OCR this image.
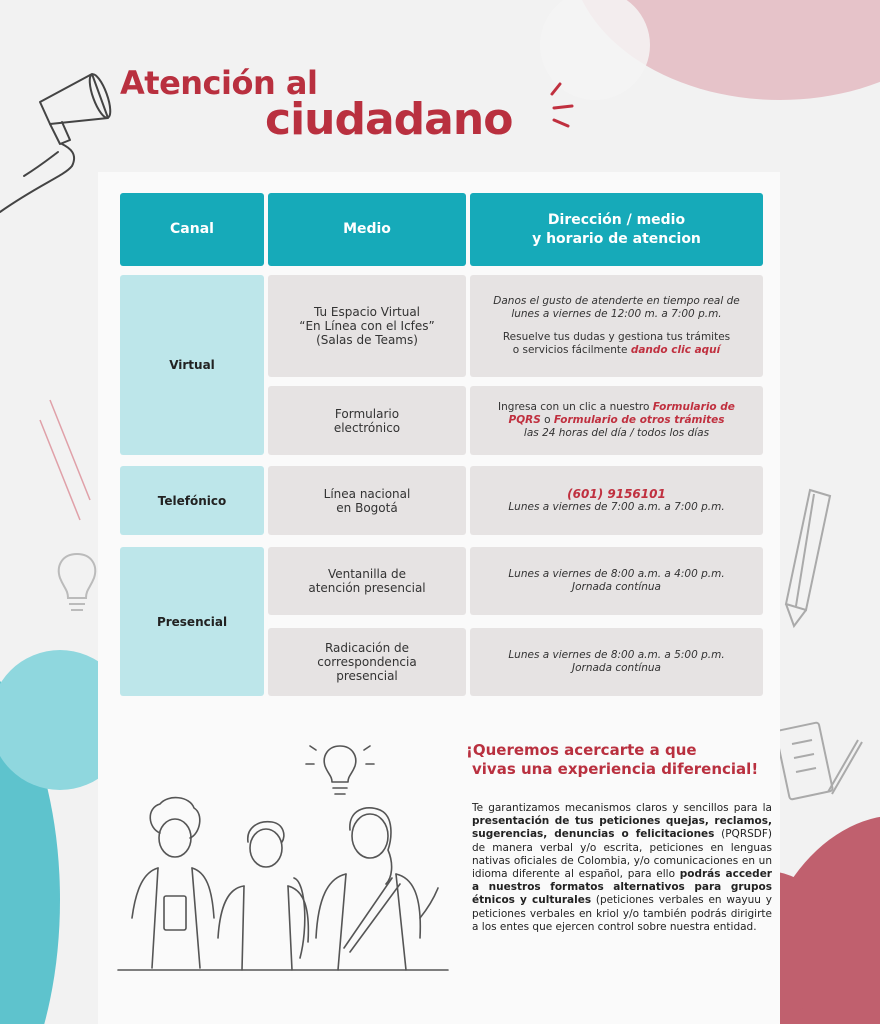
Atención al
ciudadano
Canal	Medio
Dirección / medio
y horario de atencion
Virtual
Tu Espacio Virtual
“En Línea con el Icfes”
(Salas de Teams)
Danos el gusto de atenderte en tiempo real de
lunes a viernes de 12:00 m. a 7:00 p.m.
Resuelve tus dudas y gestiona tus trámites
o servicios fácilmente dando clic aquí
Formulario
electrónico
Ingresa con un clic a nuestro Formulario de
PQRS o Formulario de otros trámites
las 24 horas del día / todos los días
Telefónico	Línea nacional
en Bogotá
(601) 9156101
Lunes a viernes de 7:00 a.m. a 7:00 p.m.
Presencial
Ventanilla de
atención presencial
Lunes a viernes de 8:00 a.m. a 4:00 p.m.
Jornada contínua
Radicación de
correspondencia
presencial
Lunes a viernes de 8:00 a.m. a 5:00 p.m.
Jornada contínua
¡Queremos acercarte a que
vivas una experiencia diferencial!
Te garantizamos mecanismos claros y sencillos para la presentación de tus peticiones quejas, reclamos, sugerencias, denuncias o felicitaciones (PQRSDF) de manera verbal y/o escrita, peticiones en lenguas nativas oficiales de Colombia, y/o comunicaciones en un idioma diferente al español, para ello podrás acceder a nuestros formatos alternativos para grupos étnicos y culturales (peticiones verbales en wayuu y peticiones verbales en kriol y/o también podrás dirigirte a los entes que ejercen control sobre nuestra entidad.
